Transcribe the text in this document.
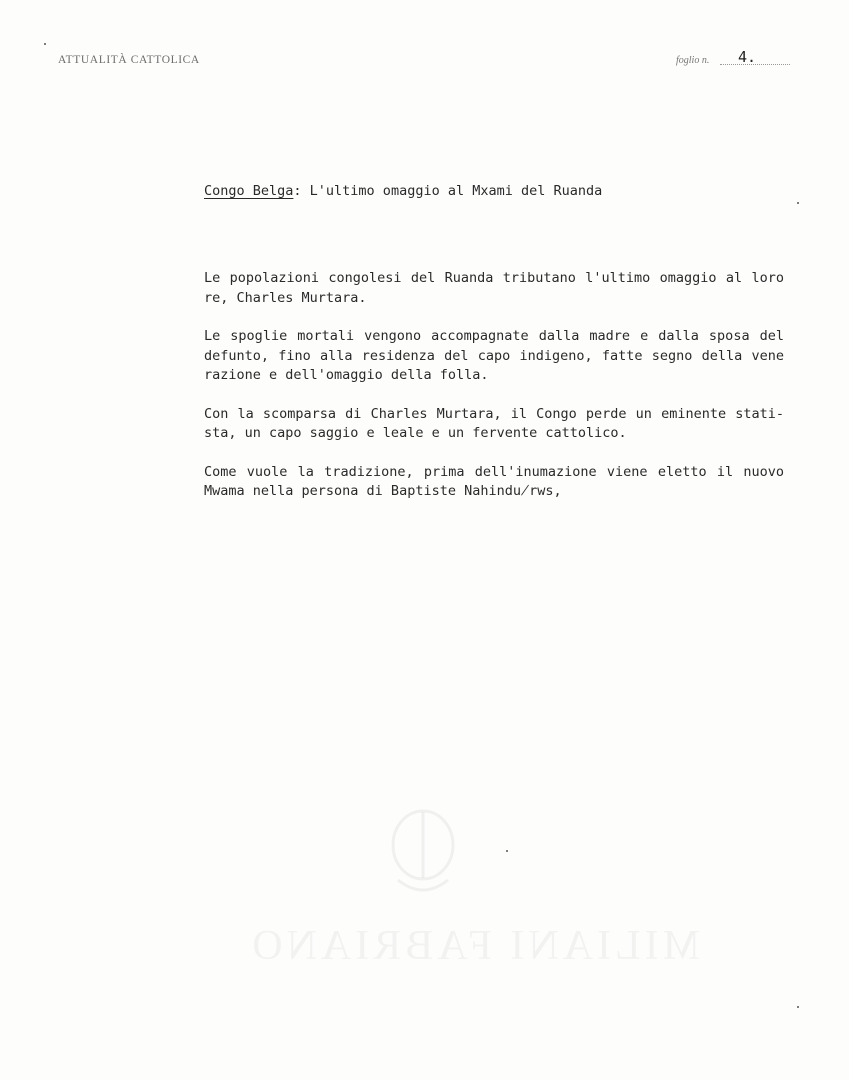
ATTUALITÀ CATTOLICA	foglio n. 4.
Congo Belga: L'ultimo omaggio al Mxami del Ruanda
Le popolazioni congolesi del Ruanda tributano l'ultimo omaggio al loro
re, Charles Murtara.
Le spoglie mortali vengono accompagnate dalla madre e dalla sposa del
defunto, fino alla residenza del capo indigeno, fatte segno della vene
razione e dell'omaggio della folla.
Con la scomparsa di Charles Murtara, il Congo perde un eminente stati-
sta, un capo saggio e leale e un fervente cattolico.
Come vuole la tradizione, prima dell'inumazione viene eletto il nuovo
Mwama nella persona di Baptiste Nahindu̸rws,
